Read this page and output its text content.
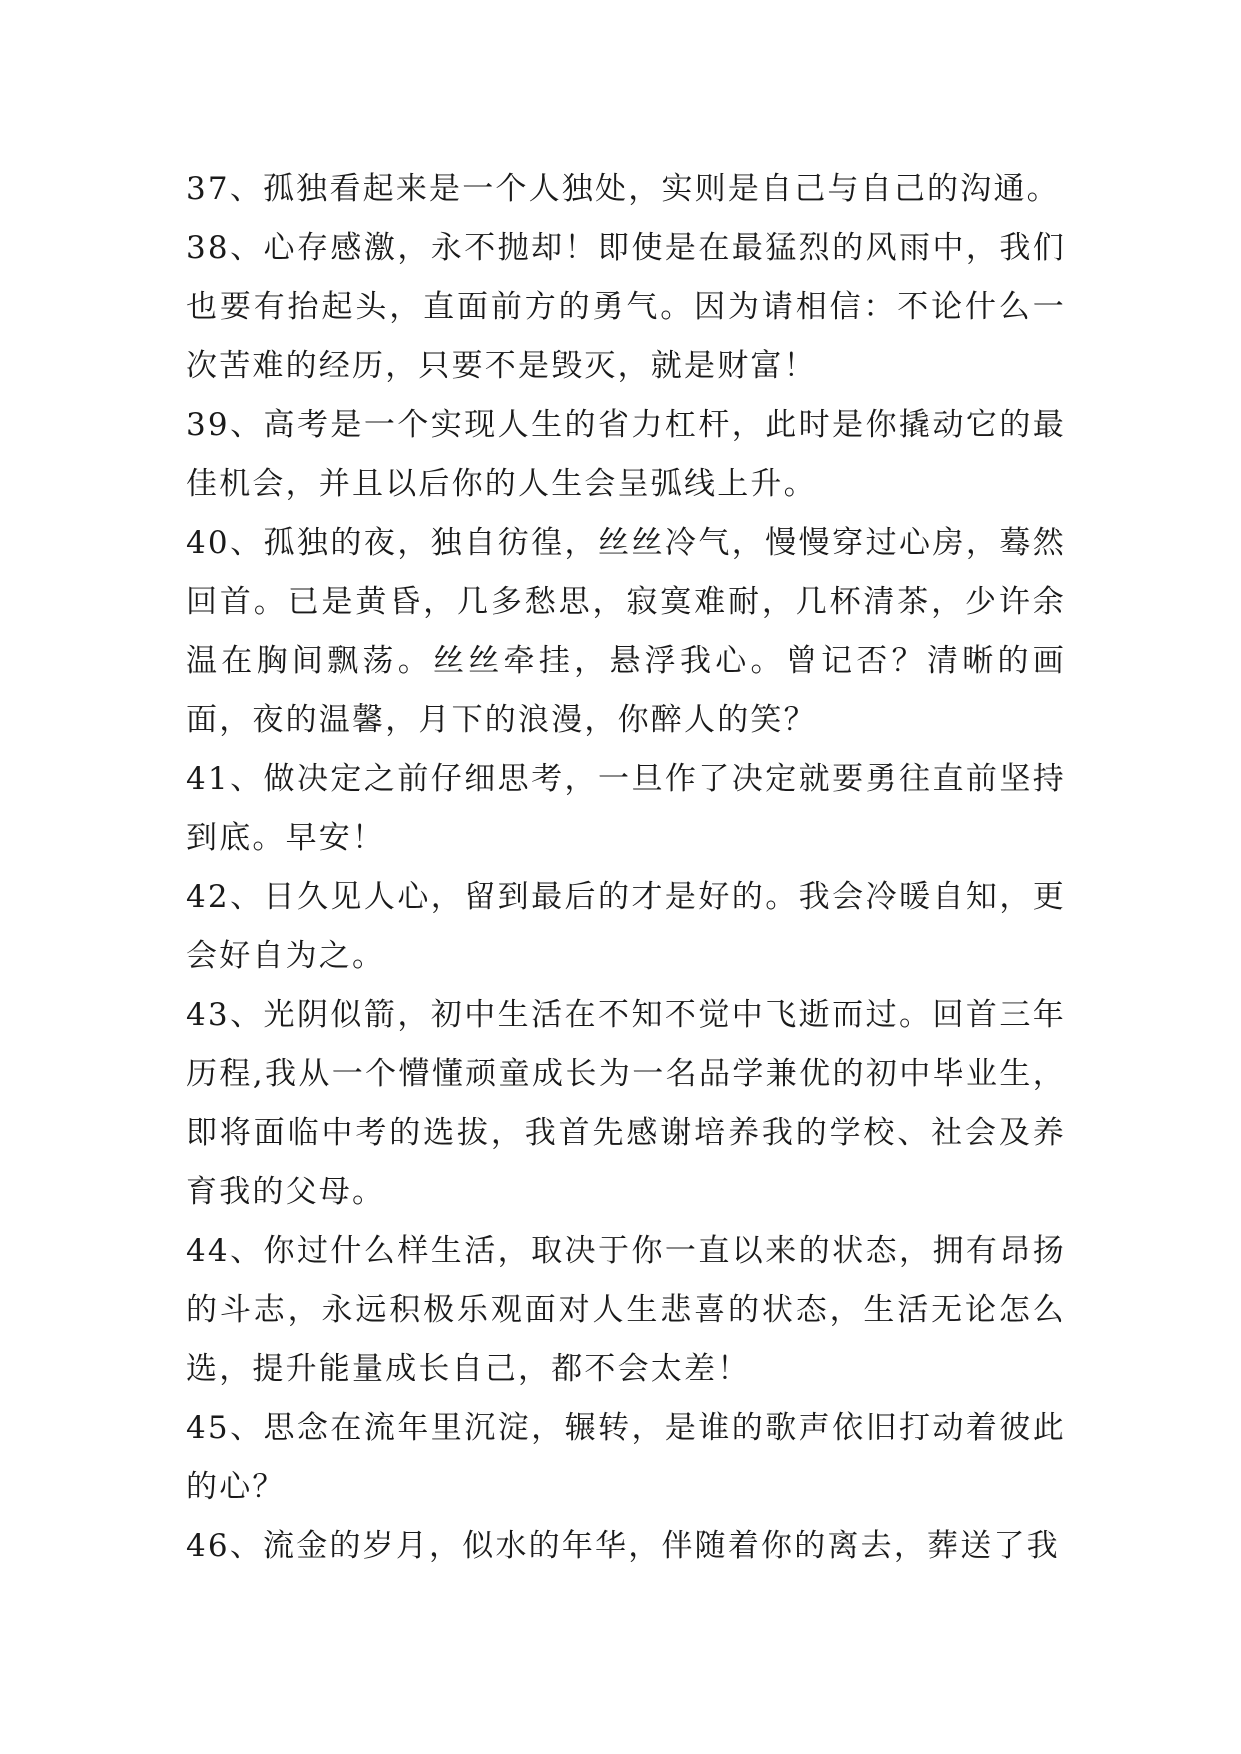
37、孤独看起来是一个人独处，实则是自己与自己的沟通。

38、心存感激，永不抛却！即使是在最猛烈的风雨中，我们也要有抬起头，直面前方的勇气。因为请相信：不论什么一次苦难的经历，只要不是毁灭，就是财富！

39、高考是一个实现人生的省力杠杆，此时是你撬动它的最佳机会，并且以后你的人生会呈弧线上升。

40、孤独的夜，独自彷徨，丝丝冷气，慢慢穿过心房，蓦然回首。已是黄昏，几多愁思，寂寞难耐，几杯清茶，少许余温在胸间飘荡。丝丝牵挂，悬浮我心。曾记否？清晰的画面，夜的温馨，月下的浪漫，你醉人的笑？

41、做决定之前仔细思考，一旦作了决定就要勇往直前坚持到底。早安！

42、日久见人心，留到最后的才是好的。我会冷暖自知，更会好自为之。

43、光阴似箭，初中生活在不知不觉中飞逝而过。回首三年历程,我从一个懵懂顽童成长为一名品学兼优的初中毕业生，即将面临中考的选拔，我首先感谢培养我的学校、社会及养育我的父母。

44、你过什么样生活，取决于你一直以来的状态，拥有昂扬的斗志，永远积极乐观面对人生悲喜的状态，生活无论怎么选，提升能量成长自己，都不会太差！

45、思念在流年里沉淀，辗转，是谁的歌声依旧打动着彼此的心？

46、流金的岁月，似水的年华，伴随着你的离去，葬送了我
